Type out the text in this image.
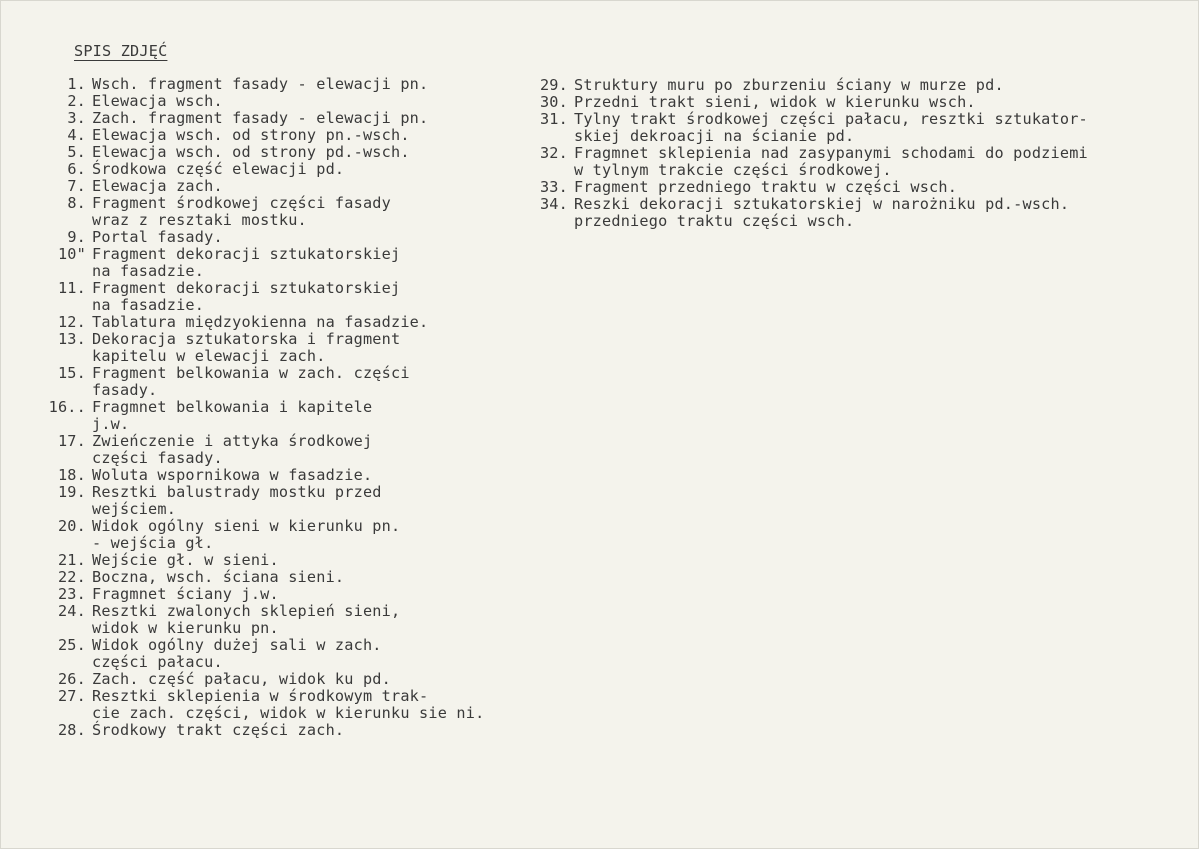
SPIS ZDJĘĆ
1. Wsch. fragment fasady - elewacji pn.
2. Elewacja wsch.
3. Zach. fragment fasady - elewacji pn.
4. Elewacja wsch. od strony pn.-wsch.
5. Elewacja wsch. od strony pd.-wsch.
6. Środkowa część elewacji pd.
7. Elewacja zach.
8. Fragment środkowej części fasady
wraz z resztaki mostku.
9. Portal fasady.
10" Fragment dekoracji sztukatorskiej
na fasadzie.
11. Fragment dekoracji sztukatorskiej
na fasadzie.
12. Tablatura międzyokienna na fasadzie.
13. Dekoracja sztukatorska i fragment
kapitelu w elewacji zach.
15. Fragment belkowania w zach. części
fasady.
16.. Fragmnet belkowania i kapitele
j.w.
17. Zwieńczenie i attyka środkowej
części fasady.
18. Woluta wspornikowa w fasadzie.
19. Resztki balustrady mostku przed
wejściem.
20. Widok ogólny sieni w kierunku pn.
- wejścia gł.
21. Wejście gł. w sieni.
22. Boczna, wsch. ściana sieni.
23. Fragmnet ściany j.w.
24. Resztki zwalonych sklepień sieni,
widok w kierunku pn.
25. Widok ogólny dużej sali w zach.
części pałacu.
26. Zach. część pałacu, widok ku pd.
27. Resztki sklepienia w środkowym trak-
cie zach. części, widok w kierunku sie ni.
28. Środkowy trakt części zach.
29. Struktury muru po zburzeniu ściany w murze pd.
30. Przedni trakt sieni, widok w kierunku wsch.
31. Tylny trakt środkowej części pałacu, resztki sztukator-
skiej dekroacji na ścianie pd.
32. Fragmnet sklepienia nad zasypanymi schodami do podziemi
w tylnym trakcie części środkowej.
33. Fragment przedniego traktu w części wsch.
34. Reszki dekoracji sztukatorskiej w narożniku pd.-wsch.
przedniego traktu części wsch.
